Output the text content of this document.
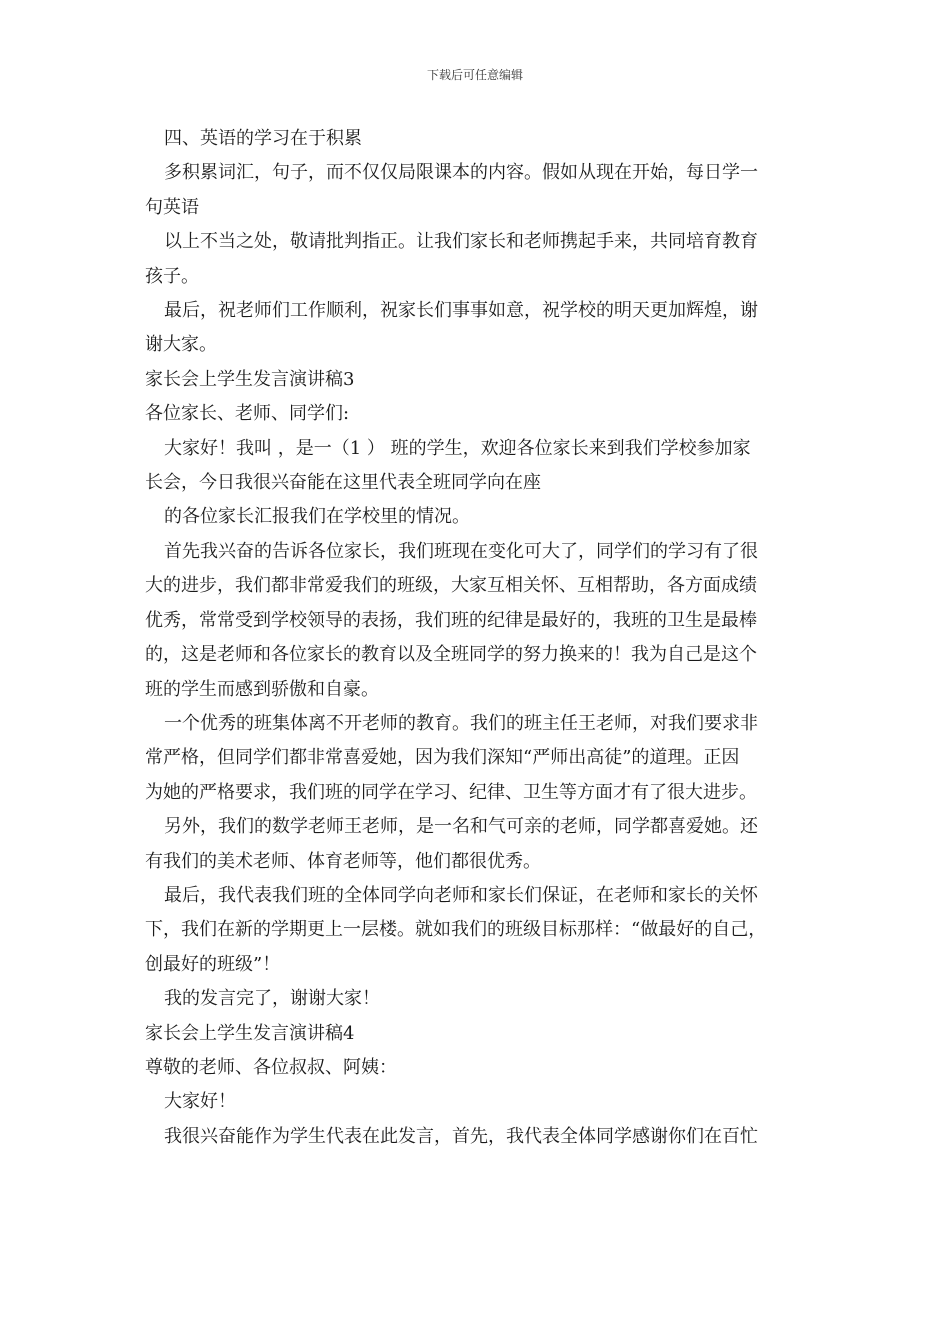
下载后可任意编辑

四、英语的学习在于积累

多积累词汇，句子，而不仅仅局限课本的内容。假如从现在开始，每日学一

句英语

以上不当之处，敬请批判指正。让我们家长和老师携起手来，共同培育教育

孩子。

最后，祝老师们工作顺利，祝家长们事事如意，祝学校的明天更加辉煌，谢

谢大家。

家长会上学生发言演讲稿3

各位家长、老师、同学们:

大家好！我叫 ，是一（1 ） 班的学生，欢迎各位家长来到我们学校参加家

长会，今日我很兴奋能在这里代表全班同学向在座

的各位家长汇报我们在学校里的情况。

首先我兴奋的告诉各位家长，我们班现在变化可大了，同学们的学习有了很

大的进步，我们都非常爱我们的班级，大家互相关怀、互相帮助，各方面成绩

优秀，常常受到学校领导的表扬，我们班的纪律是最好的，我班的卫生是最棒

的，这是老师和各位家长的教育以及全班同学的努力换来的！我为自己是这个

班的学生而感到骄傲和自豪。

一个优秀的班集体离不开老师的教育。我们的班主任王老师，对我们要求非

常严格，但同学们都非常喜爱她，因为我们深知“严师出高徒”的道理。正因

为她的严格要求，我们班的同学在学习、纪律、卫生等方面才有了很大进步。

另外，我们的数学老师王老师，是一名和气可亲的老师，同学都喜爱她。还

有我们的美术老师、体育老师等，他们都很优秀。

最后，我代表我们班的全体同学向老师和家长们保证，在老师和家长的关怀

下，我们在新的学期更上一层楼。就如我们的班级目标那样：“做最好的自己，

创最好的班级”！

我的发言完了，谢谢大家！

家长会上学生发言演讲稿4

尊敬的老师、各位叔叔、阿姨：

大家好！

我很兴奋能作为学生代表在此发言，首先，我代表全体同学感谢你们在百忙
